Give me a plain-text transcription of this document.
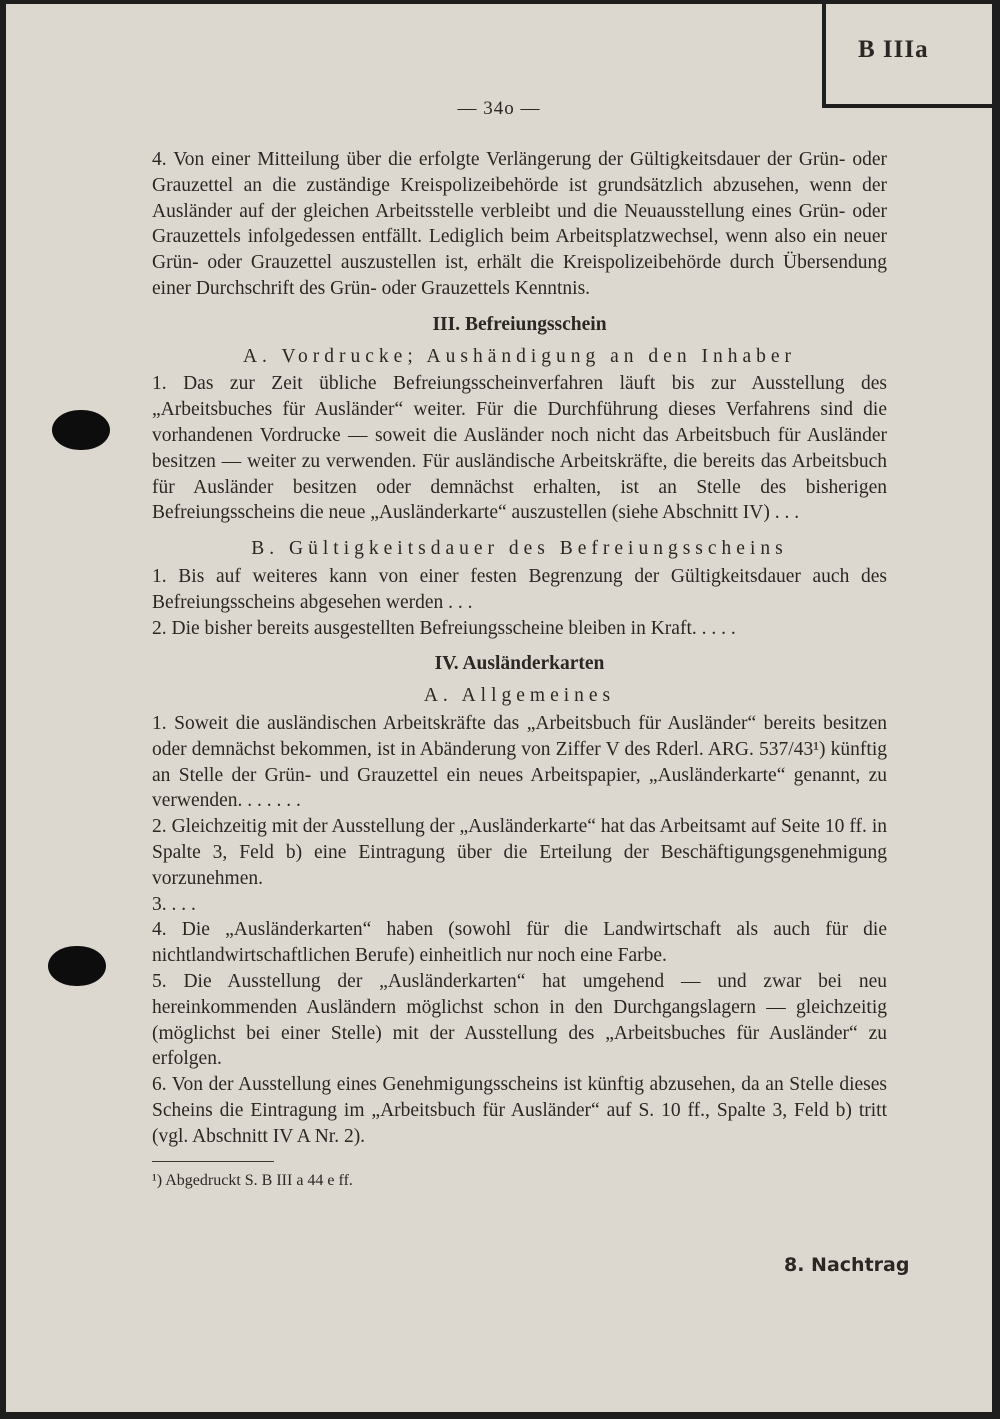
B IIIa
— 34o —

4. Von einer Mitteilung über die erfolgte Verlängerung der Gültigkeitsdauer der Grün- oder Grauzettel an die zuständige Kreispolizeibehörde ist grundsätzlich abzusehen, wenn der Ausländer auf der gleichen Arbeitsstelle verbleibt und die Neuausstellung eines Grün- oder Grauzettels infolgedessen entfällt. Lediglich beim Arbeitsplatzwechsel, wenn also ein neuer Grün- oder Grauzettel auszustellen ist, erhält die Kreispolizeibehörde durch Übersendung einer Durchschrift des Grün- oder Grauzettels Kenntnis.

III. Befreiungsschein
A. Vordrucke; Aushändigung an den Inhaber

1. Das zur Zeit übliche Befreiungsscheinverfahren läuft bis zur Ausstellung des „Arbeitsbuches für Ausländer“ weiter. Für die Durchführung dieses Verfahrens sind die vorhandenen Vordrucke — soweit die Ausländer noch nicht das Arbeitsbuch für Ausländer besitzen — weiter zu verwenden. Für ausländische Arbeitskräfte, die bereits das Arbeitsbuch für Ausländer besitzen oder demnächst erhalten, ist an Stelle des bisherigen Befreiungsscheins die neue „Ausländerkarte“ auszustellen (siehe Abschnitt IV) . . .

B. Gültigkeitsdauer des Befreiungsscheins

1. Bis auf weiteres kann von einer festen Begrenzung der Gültigkeitsdauer auch des Befreiungsscheins abgesehen werden . . .

2. Die bisher bereits ausgestellten Befreiungsscheine bleiben in Kraft. . . . .

IV. Ausländerkarten
A. Allgemeines

1. Soweit die ausländischen Arbeitskräfte das „Arbeitsbuch für Ausländer“ bereits besitzen oder demnächst bekommen, ist in Abänderung von Ziffer V des Rderl. ARG. 537/43¹) künftig an Stelle der Grün- und Grauzettel ein neues Arbeitspapier, „Ausländerkarte“ genannt, zu verwenden. . . . . . .

2. Gleichzeitig mit der Ausstellung der „Ausländerkarte“ hat das Arbeitsamt auf Seite 10 ff. in Spalte 3, Feld b) eine Eintragung über die Erteilung der Beschäftigungsgenehmigung vorzunehmen.

3. . . .

4. Die „Ausländerkarten“ haben (sowohl für die Landwirtschaft als auch für die nichtlandwirtschaftlichen Berufe) einheitlich nur noch eine Farbe.

5. Die Ausstellung der „Ausländerkarten“ hat umgehend — und zwar bei neu hereinkommenden Ausländern möglichst schon in den Durchgangslagern — gleichzeitig (möglichst bei einer Stelle) mit der Ausstellung des „Arbeitsbuches für Ausländer“ zu erfolgen.

6. Von der Ausstellung eines Genehmigungsscheins ist künftig abzusehen, da an Stelle dieses Scheins die Eintragung im „Arbeitsbuch für Ausländer“ auf S. 10 ff., Spalte 3, Feld b) tritt (vgl. Abschnitt IV A Nr. 2).

¹) Abgedruckt S. B III a 44 e ff.
8. Nachtrag
